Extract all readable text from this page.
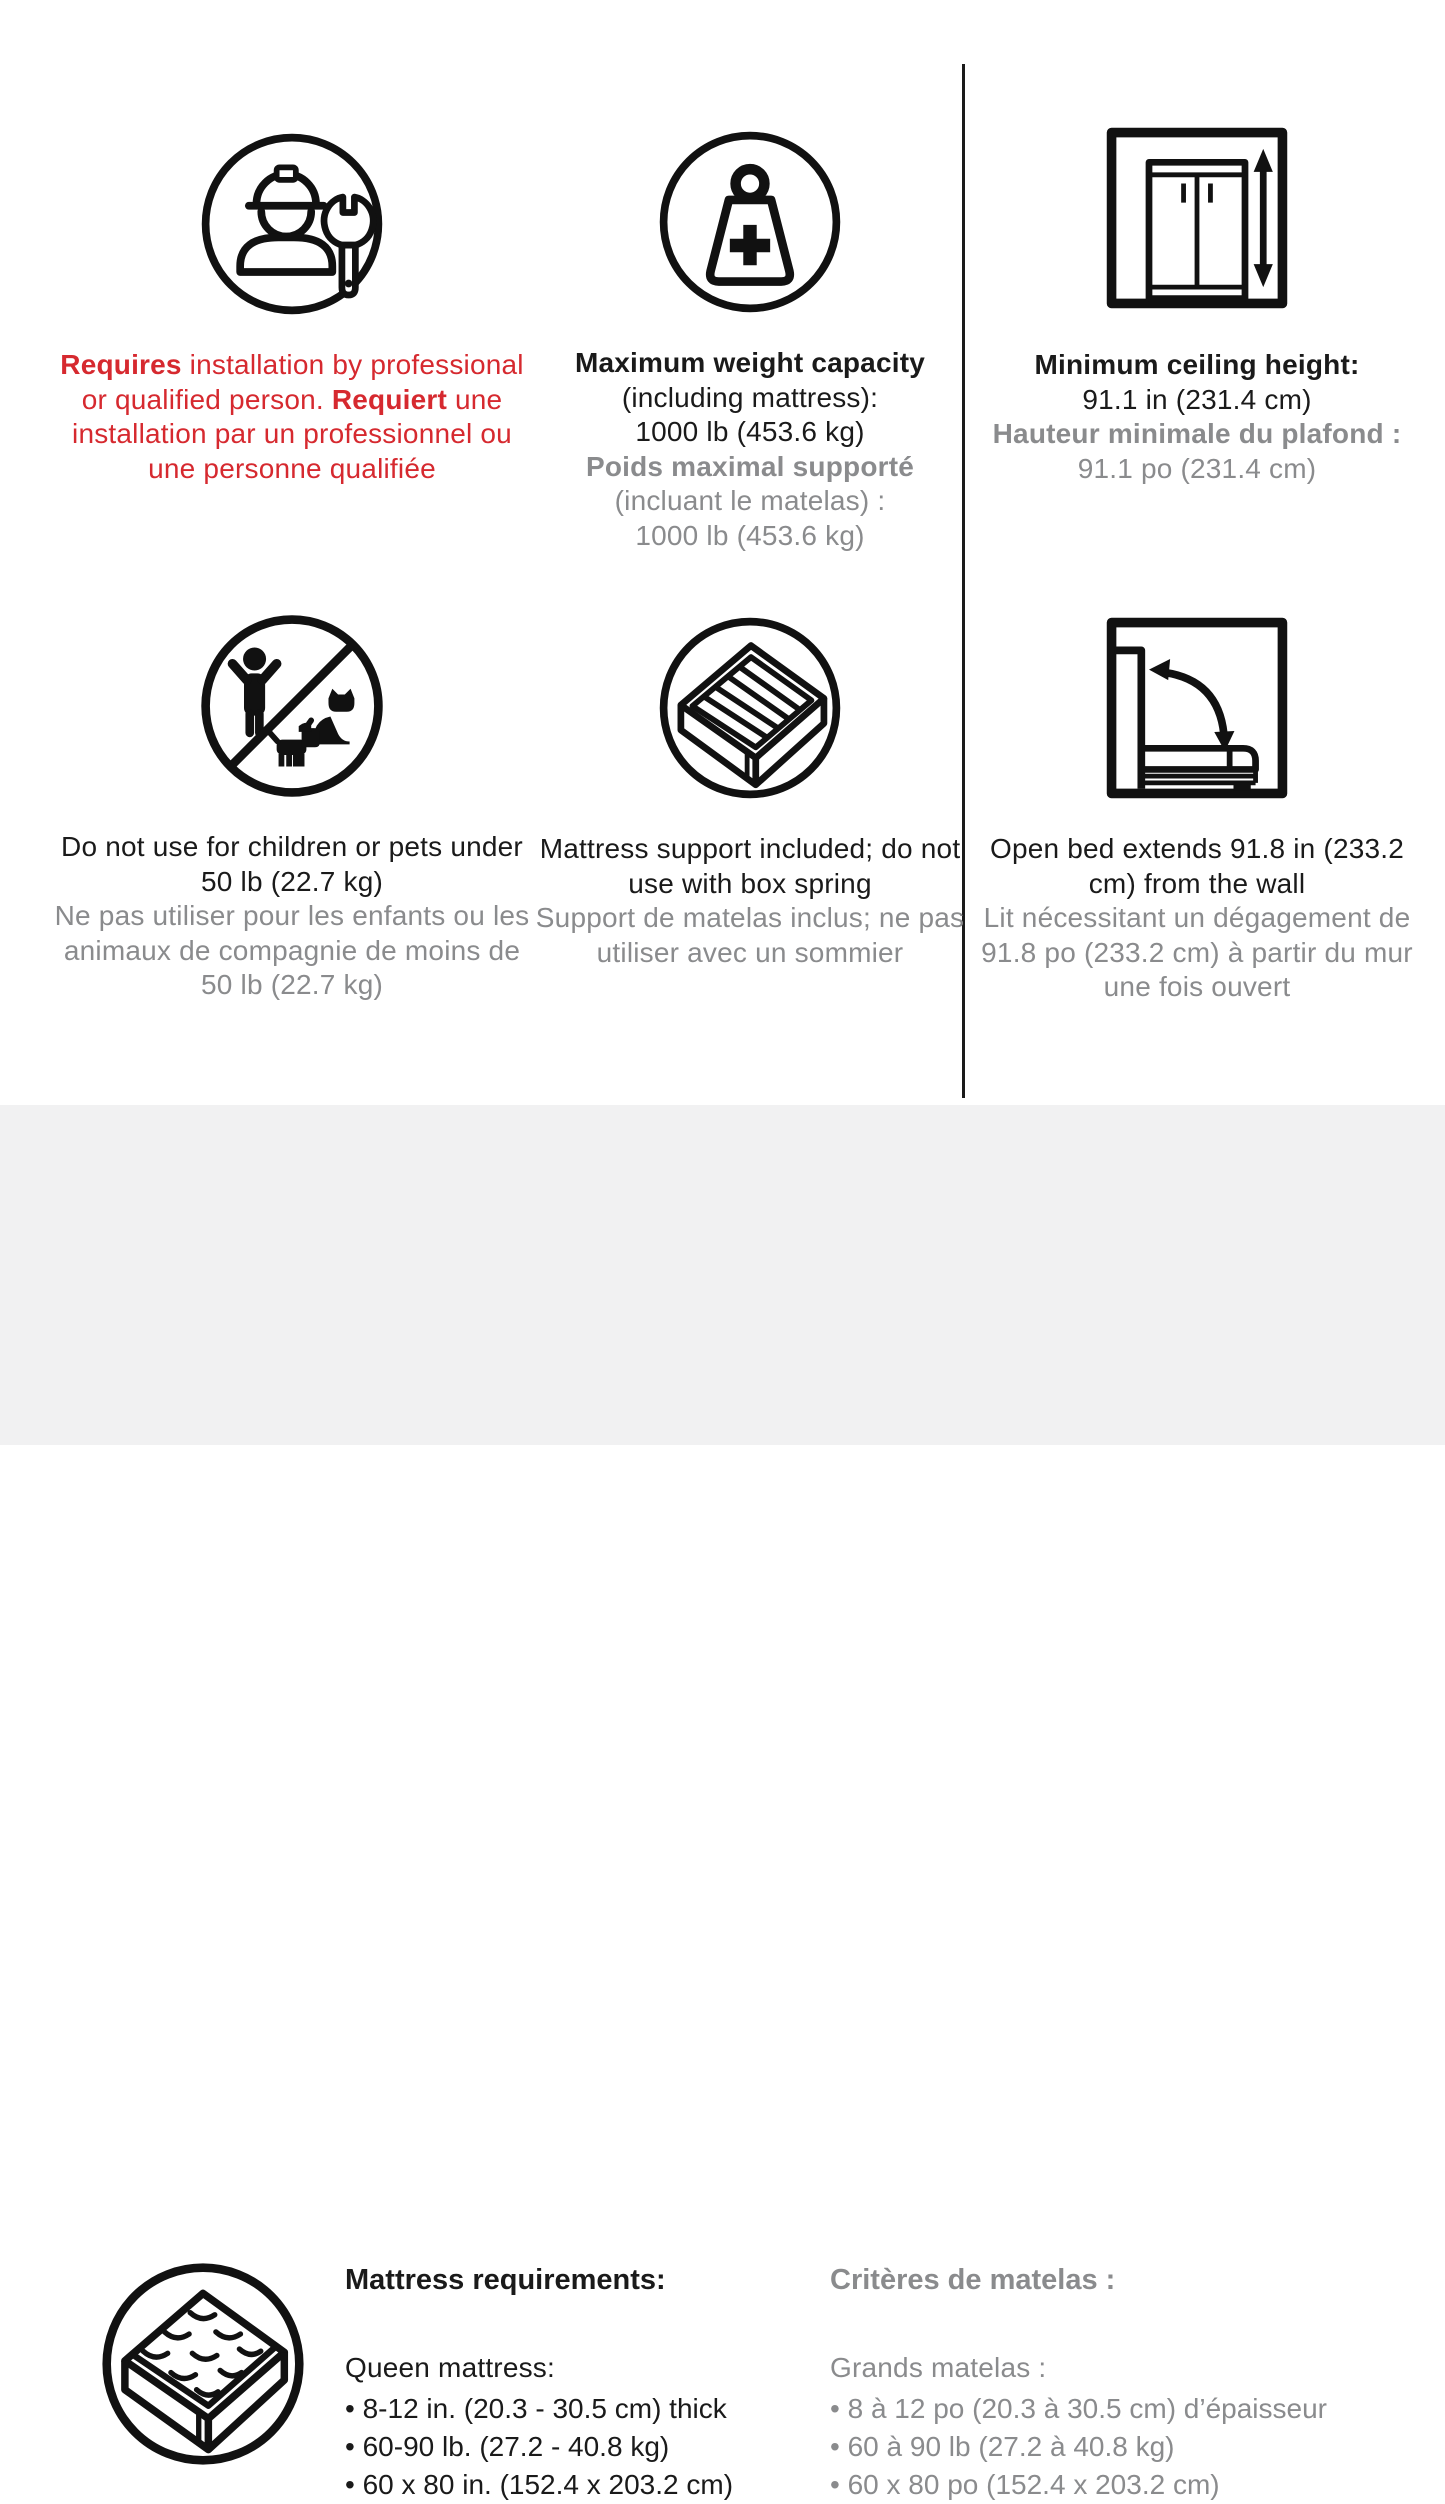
Requires installation by professional or qualified person. Requiert une installation par un professionnel ou une personne qualifiée

Maximum weight capacity

(including mattress):

1000 lb (453.6 kg)

Poids maximal supporté

(incluant le matelas) :

1000 lb (453.6 kg)

Minimum ceiling height:

91.1 in (231.4 cm)

Hauteur minimale du plafond :

91.1 po (231.4 cm)

Do not use for children or pets under 50 lb (22.7 kg)

Ne pas utiliser pour les enfants ou les animaux de compagnie de moins de 50 lb (22.7 kg)

Mattress support included; do not use with box spring

Support de matelas inclus; ne pas utiliser avec un sommier

Open bed extends 91.8 in (233.2 cm) from the wall

Lit nécessitant un dégagement de 91.8 po (233.2 cm) à partir du mur une fois ouvert

Mattress requirements:

Queen mattress:

• 8-12 in. (20.3 - 30.5 cm) thick
• 60-90 lb. (27.2 - 40.8 kg)
• 60 x 80 in. (152.4 x 203.2 cm)
Critères de matelas :

Grands matelas :

• 8 à 12 po (20.3 à 30.5 cm) d’épaisseur
• 60 à 90 lb (27.2 à 40.8 kg)
• 60 x 80 po (152.4 x 203.2 cm)
